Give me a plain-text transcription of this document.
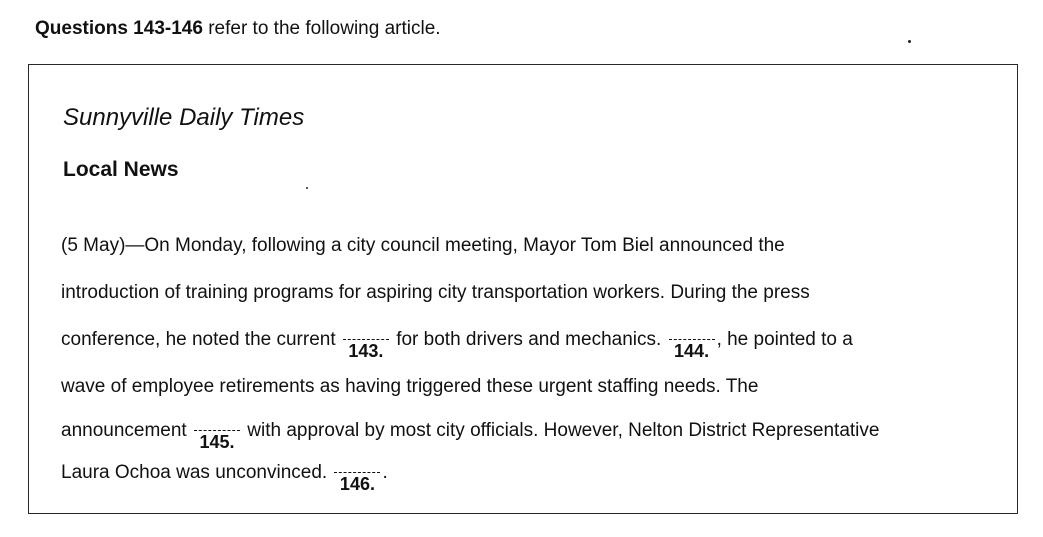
Questions 143-146 refer to the following article.

Sunnyville Daily Times
Local News
(5 May)—On Monday, following a city council meeting, Mayor Tom Biel announced the
introduction of training programs for aspiring city transportation workers. During the press
conference, he noted the current
143.
for both drivers and mechanics.
144.
, he pointed to a
wave of employee retirements as having triggered these urgent staffing needs. The
announcement
145.
with approval by most city officials. However, Nelton District Representative
Laura Ochoa was unconvinced.
146.
.
